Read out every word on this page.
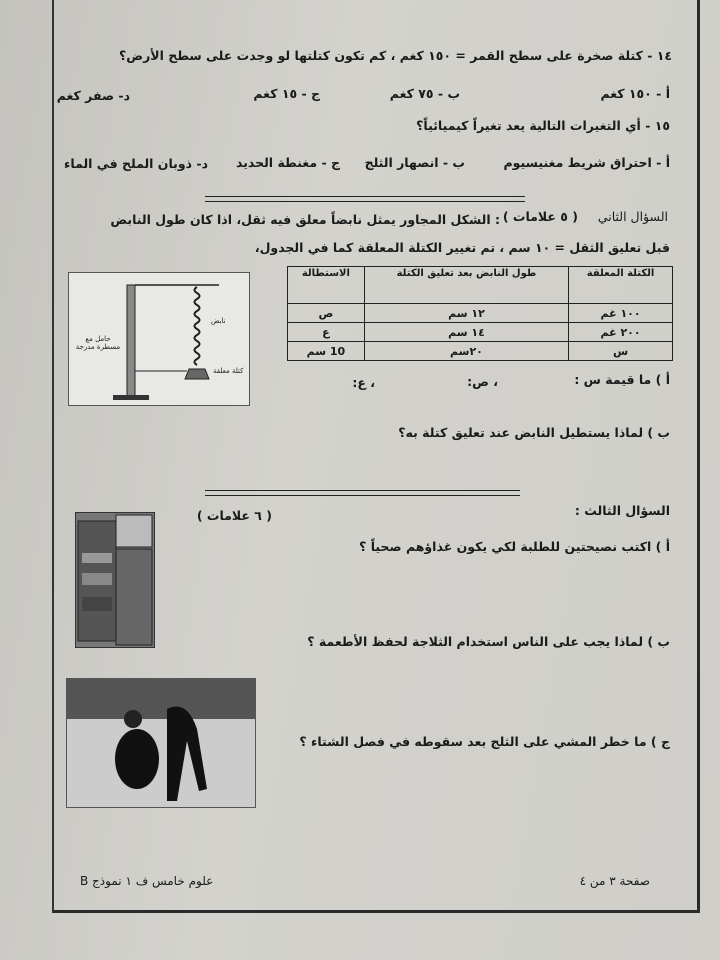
١٤ - كتلة صخرة على سطح القمر = ١٥٠ كغم ، كم تكون كتلتها لو وجدت على سطح الأرض؟
أ - ١٥٠ كغم
ب - ٧٥ كغم
ج - ١٥ كغم
د- صفر كغم
١٥ - أي التغيرات التالية يعد تغيراً كيميائياً؟
أ - احتراق شريط مغنيسيوم
ب - انصهار الثلج
ج - مغنطة الحديد
د- ذوبان الملح في الماء
السؤال الثاني
( ٥ علامات )
: الشكل المجاور يمثل نابضاً معلق فيه ثقل، اذا كان طول النابض
قبل تعليق الثقل = ١٠ سم ، تم تغيير الكتلة المعلقة كما في الجدول،
الكتلة المعلقة	طول النابض بعد تعليق الكتلة	الاستطالة
١٠٠ غم	١٢ سم	ص
٢٠٠ غم	١٤ سم	ع
س	٢٠سم	10 سم
نابض
حامل مع مسطرة مدرجة
كتلة معلقة
أ ) ما قيمة س :
، ص:
، ع:
ب ) لماذا يستطيل النابض عند تعليق كتلة به؟
السؤال الثالث :
( ٦ علامات )
أ ) اكتب نصيحتين للطلبة لكي يكون غذاؤهم صحياً ؟
ب ) لماذا يجب على الناس استخدام الثلاجة لحفظ الأطعمة ؟
ج ) ما خطر المشي على الثلج بعد سقوطه في فصل الشتاء ؟
صفحة ٣ من ٤
علوم خامس ف ١ نموذج B
